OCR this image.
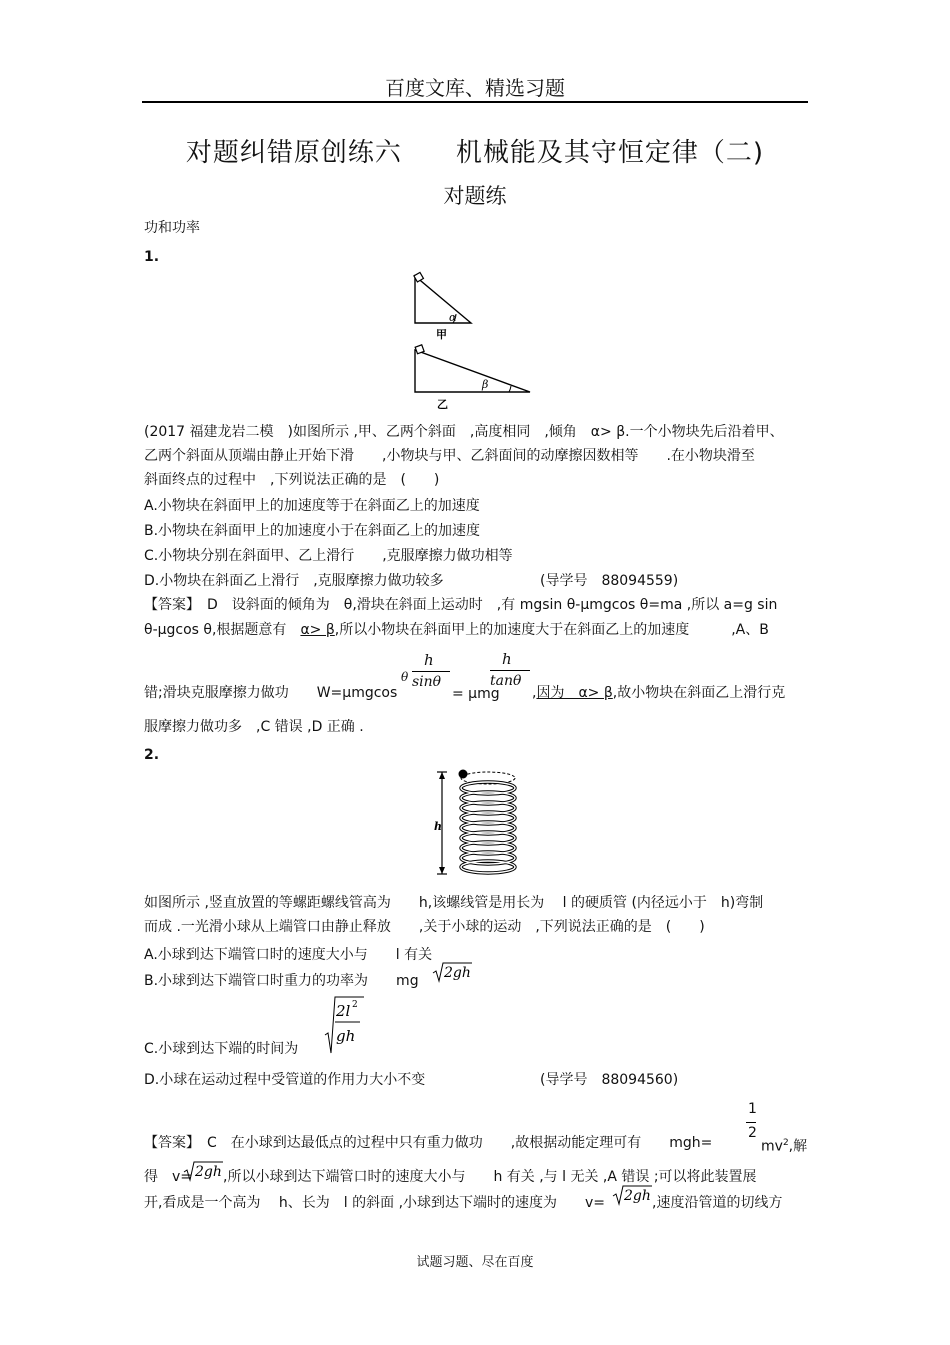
百度文库、精选习题
对题纠错原创练六　　机械能及其守恒定律（二)
对题练
功和功率
1.
α
甲
β
乙
(2017 福建龙岩二模　)如图所示 ,甲、乙两个斜面　,高度相同　,倾角　α> β.一个小物块先后沿着甲、
乙两个斜面从顶端由静止开始下滑　　,小物块与甲、乙斜面间的动摩擦因数相等　　.在小物块滑至
斜面终点的过程中　,下列说法正确的是　(　　)
A.小物块在斜面甲上的加速度等于在斜面乙上的加速度
B.小物块在斜面甲上的加速度小于在斜面乙上的加速度
C.小物块分别在斜面甲、乙上滑行　　,克服摩擦力做功相等
D.小物块在斜面乙上滑行　,克服摩擦力做功较多	(导学号　88094559)
【答案】　D　设斜面的倾角为　θ,滑块在斜面上运动时　,有 mgsin θ-μmgcos θ=ma ,所以 a=g sin
θ-μgcos θ,根据题意有　α> β,所以小物块在斜面甲上的加速度大于在斜面乙上的加速度　　　,A、B
错;滑块克服摩擦力做功　　W=μmgcos
θ
h
sinθ
= μmg
h
tanθ
,因为　α> β,故小物块在斜面乙上滑行克
服摩擦力做功多　,C 错误 ,D 正确 .
2.
h
如图所示 ,竖直放置的等螺距螺线管高为　　h,该螺线管是用长为　 l 的硬质管 (内径远小于　h)弯制
而成 .一光滑小球从上端管口由静止释放　　,关于小球的运动　,下列说法正确的是　(　　)
A.小球到达下端管口时的速度大小与　　l 有关
B.小球到达下端管口时重力的功率为　　mg 2gh
2l 2
gh
C.小球到达下端的时间为
D.小球在运动过程中受管道的作用力大小不变	(导学号　88094560)
1
2
【答案】　C　在小球到达最低点的过程中只有重力做功　　,故根据动能定理可有　　mgh=	$mv^2$,解
得　v= 2gh ,所以小球到达下端管口时的速度大小与　　h 有关 ,与 l 无关 ,A 错误 ;可以将此装置展
开,看成是一个高为　 h、长为　l 的斜面 ,小球到达下端时的速度为　　v= 2gh ,速度沿管道的切线方
试题习题、尽在百度
